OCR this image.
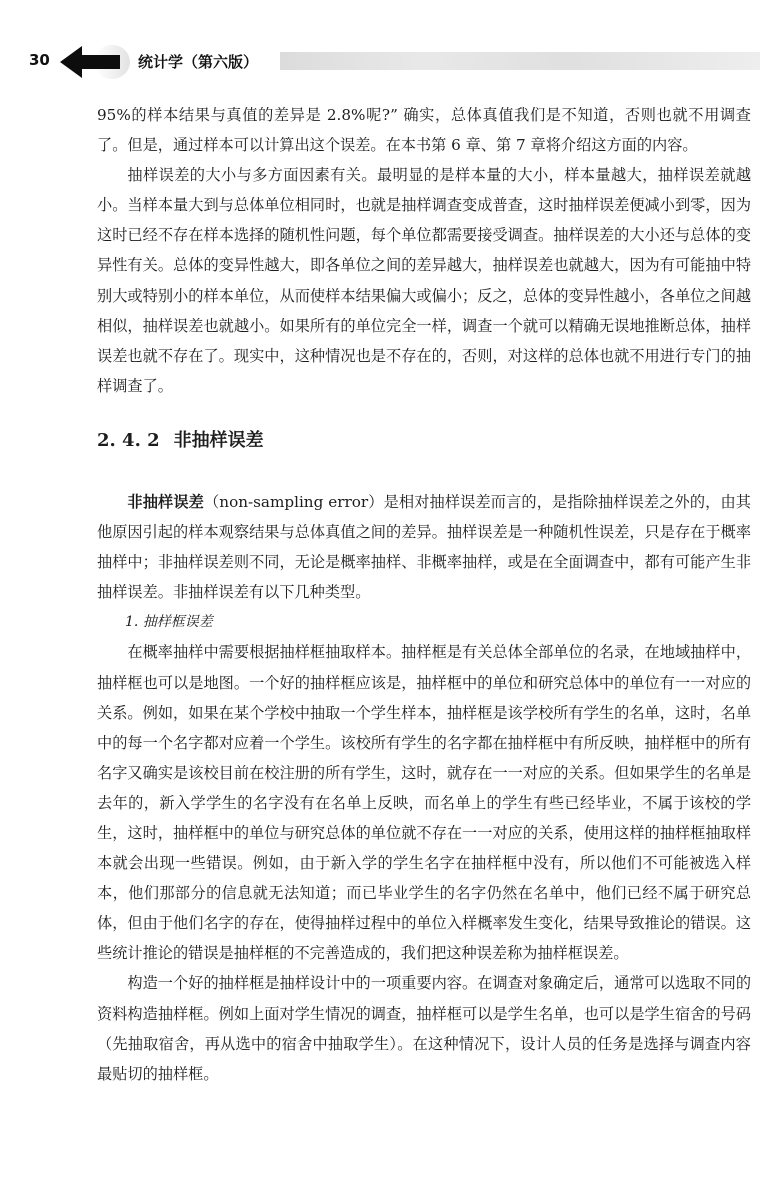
30	统计学（第六版）

95%的样本结果与真值的差异是 2.8%呢?” 确实，总体真值我们是不知道，否则也就不用调查了。但是，通过样本可以计算出这个误差。在本书第 6 章、第 7 章将介绍这方面的内容。

抽样误差的大小与多方面因素有关。最明显的是样本量的大小，样本量越大，抽样误差就越小。当样本量大到与总体单位相同时，也就是抽样调查变成普查，这时抽样误差便减小到零，因为这时已经不存在样本选择的随机性问题，每个单位都需要接受调查。抽样误差的大小还与总体的变异性有关。总体的变异性越大，即各单位之间的差异越大，抽样误差也就越大，因为有可能抽中特别大或特别小的样本单位，从而使样本结果偏大或偏小；反之，总体的变异性越小，各单位之间越相似，抽样误差也就越小。如果所有的单位完全一样，调查一个就可以精确无误地推断总体，抽样误差也就不存在了。现实中，这种情况也是不存在的，否则，对这样的总体也就不用进行专门的抽样调查了。

2. 4. 2 非抽样误差

非抽样误差（non-sampling error）是相对抽样误差而言的，是指除抽样误差之外的，由其他原因引起的样本观察结果与总体真值之间的差异。抽样误差是一种随机性误差，只是存在于概率抽样中；非抽样误差则不同，无论是概率抽样、非概率抽样，或是在全面调查中，都有可能产生非抽样误差。非抽样误差有以下几种类型。

1. 抽样框误差

在概率抽样中需要根据抽样框抽取样本。抽样框是有关总体全部单位的名录，在地域抽样中，抽样框也可以是地图。一个好的抽样框应该是，抽样框中的单位和研究总体中的单位有一一对应的关系。例如，如果在某个学校中抽取一个学生样本，抽样框是该学校所有学生的名单，这时，名单中的每一个名字都对应着一个学生。该校所有学生的名字都在抽样框中有所反映，抽样框中的所有名字又确实是该校目前在校注册的所有学生，这时，就存在一一对应的关系。但如果学生的名单是去年的，新入学学生的名字没有在名单上反映，而名单上的学生有些已经毕业，不属于该校的学生，这时，抽样框中的单位与研究总体的单位就不存在一一对应的关系，使用这样的抽样框抽取样本就会出现一些错误。例如，由于新入学的学生名字在抽样框中没有，所以他们不可能被选入样本，他们那部分的信息就无法知道；而已毕业学生的名字仍然在名单中，他们已经不属于研究总体，但由于他们名字的存在，使得抽样过程中的单位入样概率发生变化，结果导致推论的错误。这些统计推论的错误是抽样框的不完善造成的，我们把这种误差称为抽样框误差。

构造一个好的抽样框是抽样设计中的一项重要内容。在调查对象确定后，通常可以选取不同的资料构造抽样框。例如上面对学生情况的调查，抽样框可以是学生名单，也可以是学生宿舍的号码（先抽取宿舍，再从选中的宿舍中抽取学生）。在这种情况下，设计人员的任务是选择与调查内容最贴切的抽样框。
